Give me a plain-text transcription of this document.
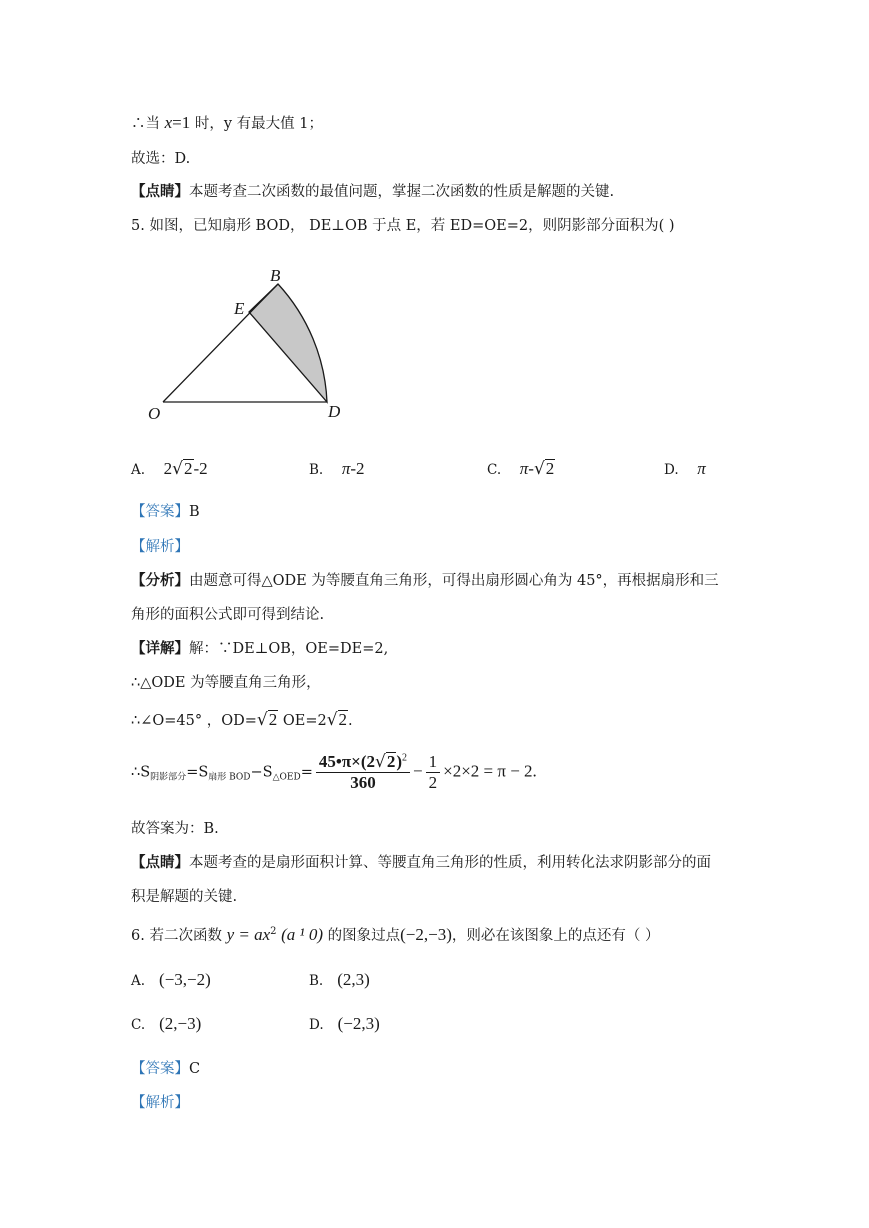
∴当 x=1 时，y 有最大值 1；
故选：D.
【点睛】本题考查二次函数的最值问题，掌握二次函数的性质是解题的关键.
5. 如图，已知扇形 BOD， DE⊥OB 于点 E，若 ED=OE=2，则阴影部分面积为( )
B
E
O	D
A. 2√2-2	B. π-2	C. π-√2	D. π
【答案】B
【解析】
【分析】由题意可得△ODE 为等腰直角三角形，可得出扇形圆心角为 45°，再根据扇形和三
角形的面积公式即可得到结论.
【详解】解：∵DE⊥OB，OE=DE=2,
∴△ODE 为等腰直角三角形，
∴∠O=45° ，OD=√2 OE=2√2.
$\therefore S_{阴影部分}=S_{扇形 BOD}-S_{\triangle OED}= \frac{45•\pi\times(2√2)^2}{360} - \frac{1}{2} \times 2\times 2 = \pi - 2$.
故答案为：B.
【点睛】本题考查的是扇形面积计算、等腰直角三角形的性质，利用转化法求阴影部分的面
积是解题的关键.
6. 若二次函数 $y = ax^2$ (a ¹ 0) 的图象过点(−2,−3)，则必在该图象上的点还有（ ）
A. (−3,−2)	B. (2,3)
C. (2,−3)	D. (−2,3)
【答案】C
【解析】
